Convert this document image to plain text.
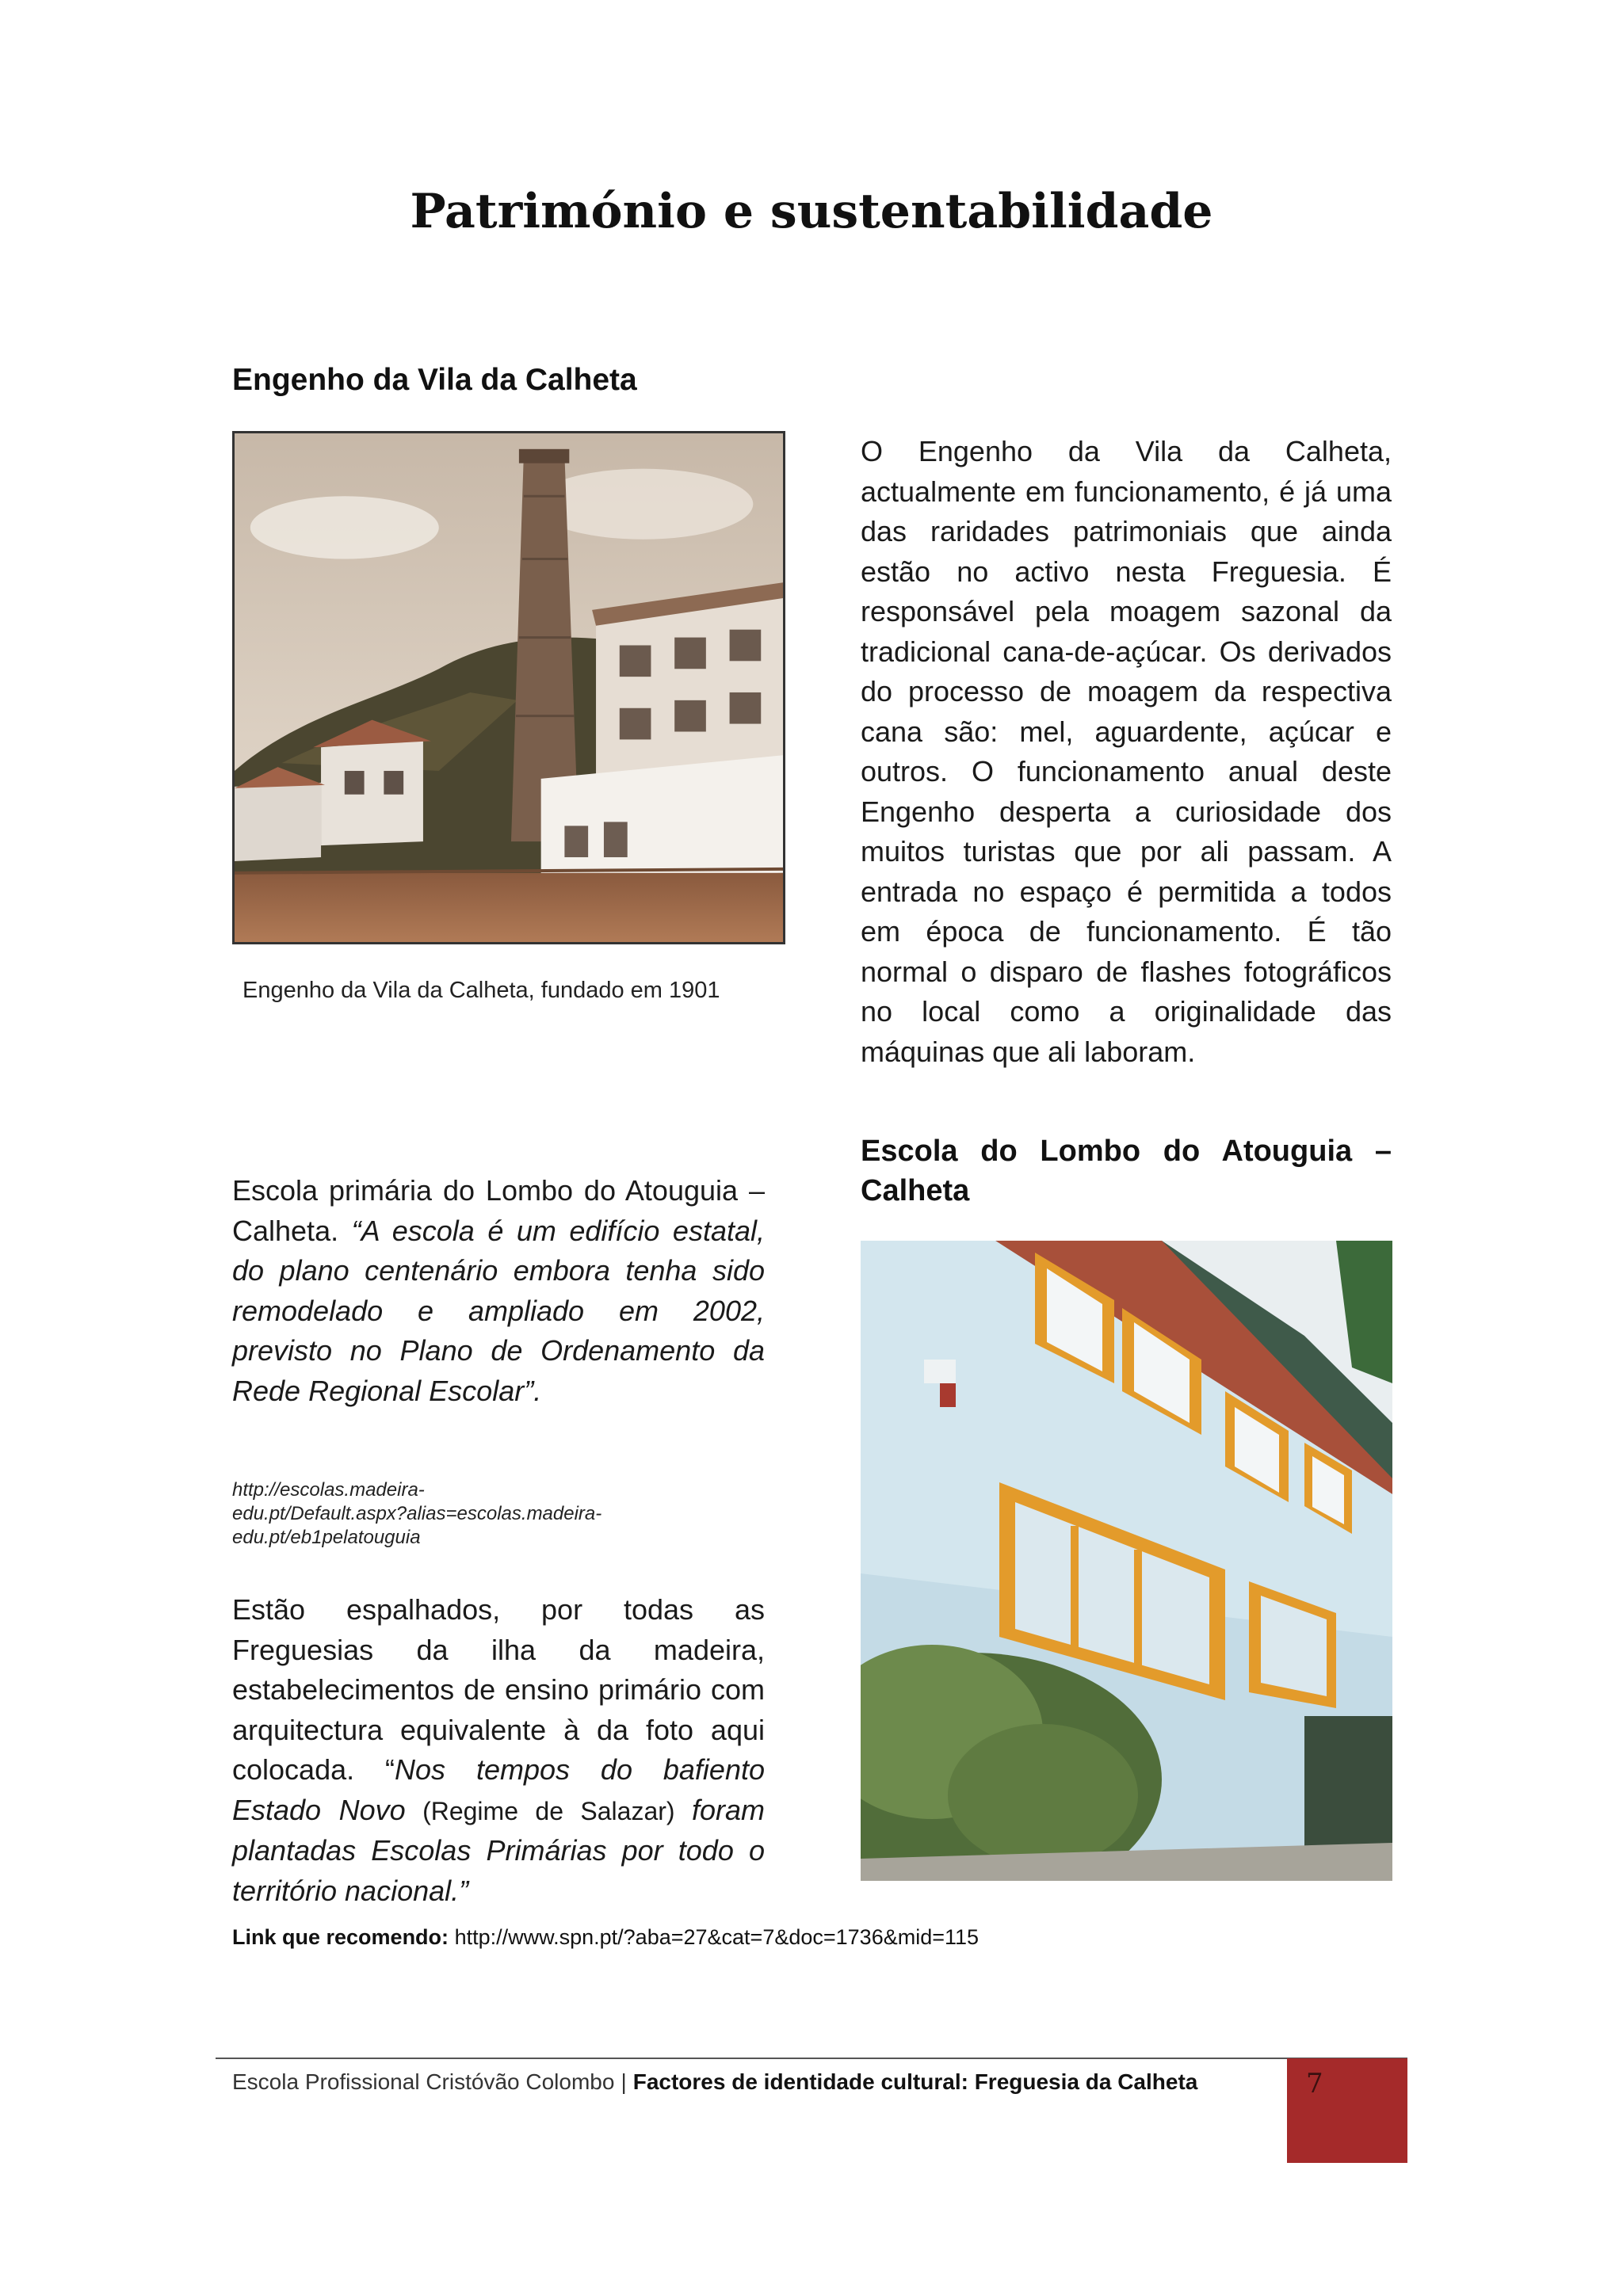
Património e sustentabilidade
Engenho da Vila da Calheta
Engenho da Vila da Calheta, fundado em 1901

O Engenho da Vila da Calheta, actualmente em funcionamento, é já uma das raridades patrimoniais que ainda estão no activo nesta Freguesia. É responsável pela moagem sazonal da tradicional cana-de-açúcar. Os derivados do processo de moagem da respectiva cana são: mel, aguardente, açúcar e outros. O funcionamento anual deste Engenho desperta a curiosidade dos muitos turistas que por ali passam. A entrada no espaço é permitida a todos em época de funcionamento. É tão normal o disparo de flashes fotográficos no local como a originalidade das máquinas que ali laboram.

Escola do Lombo do Atouguia – Calheta

Escola primária do Lombo do Atouguia – Calheta. “A escola é um edifício estatal, do plano centenário embora tenha sido remodelado e ampliado em 2002, previsto no Plano de Ordenamento da Rede Regional Escolar”.

http://escolas.madeira-
edu.pt/Default.aspx?alias=escolas.madeira-
edu.pt/eb1pelatouguia

Estão espalhados, por todas as Freguesias da ilha da madeira, estabelecimentos de ensino primário com arquitectura equivalente à da foto aqui colocada. “Nos tempos do bafiento Estado Novo (Regime de Salazar) foram plantadas Escolas Primárias por todo o território nacional.”

Link que recomendo: http://www.spn.pt/?aba=27&cat=7&doc=1736&mid=115
Escola Profissional Cristóvão Colombo | Factores de identidade cultural: Freguesia da Calheta	7
